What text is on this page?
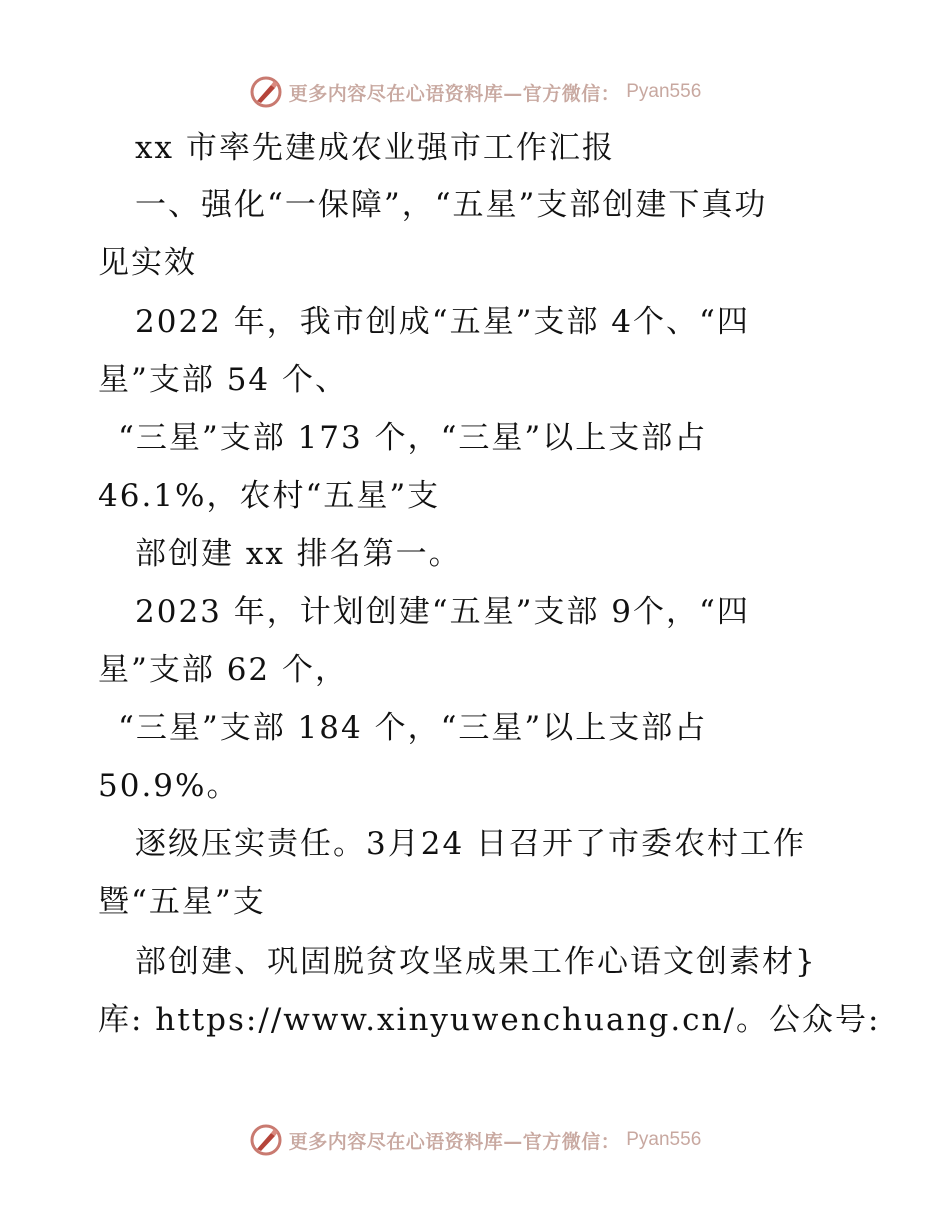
更多内容尽在心语资料库—官方微信： Pyan556
xx 市率先建成农业强市工作汇报
一、强化“一保障”，“五星”支部创建下真功
见实效
2022 年，我市创成“五星”支部 4个、“四
星”支部 54 个、
“三星”支部 173 个，“三星”以上支部占
46.1%，农村“五星”支
部创建 xx 排名第一。
2023 年，计划创建“五星”支部 9个，“四
星”支部 62 个，
“三星”支部 184 个，“三星”以上支部占
50.9%。
逐级压实责任。3月24 日召开了市委农村工作
暨“五星”支
部创建、巩固脱贫攻坚成果工作心语文创素材}
库: https://www.xinyuwenchuang.cn/。公众号:
更多内容尽在心语资料库—官方微信： Pyan556
